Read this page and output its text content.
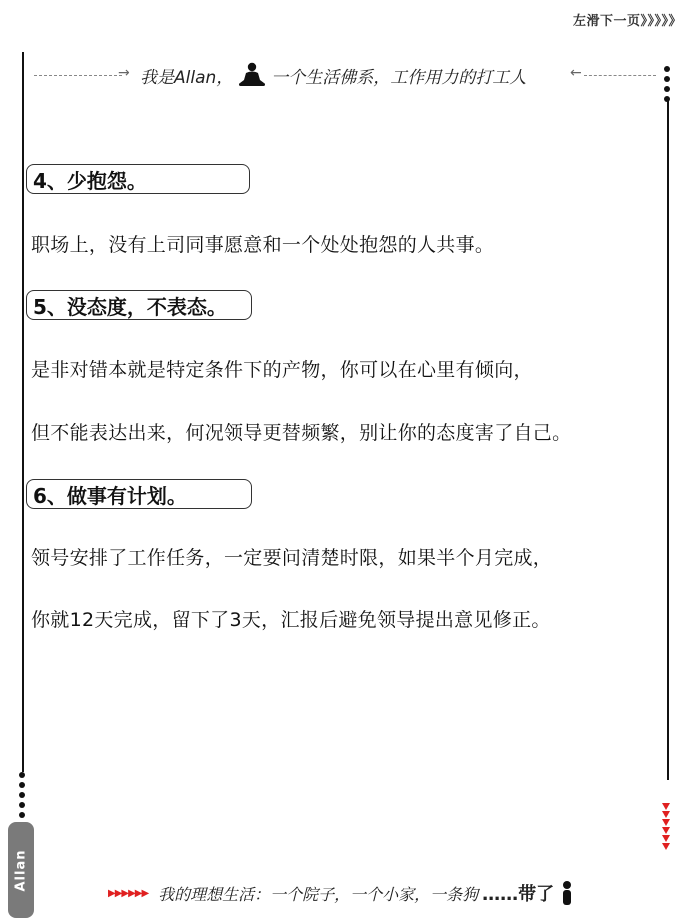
左滑下一页》》》》》
→ 我是Allan， 一个生活佛系，工作用力的打工人	←
4、少抱怨。
职场上，没有上司同事愿意和一个处处抱怨的人共事。
5、没态度，不表态。
是非对错本就是特定条件下的产物，你可以在心里有倾向，
但不能表达出来，何况领导更替频繁，别让你的态度害了自己。
6、做事有计划。
领号安排了工作任务，一定要问清楚时限，如果半个月完成，
你就12天完成，留下了3天，汇报后避免领导提出意见修正。
Allan
▶▶▶▶▶▶ 我的理想生活：一个院子，一个小家，一条狗 ……带了
